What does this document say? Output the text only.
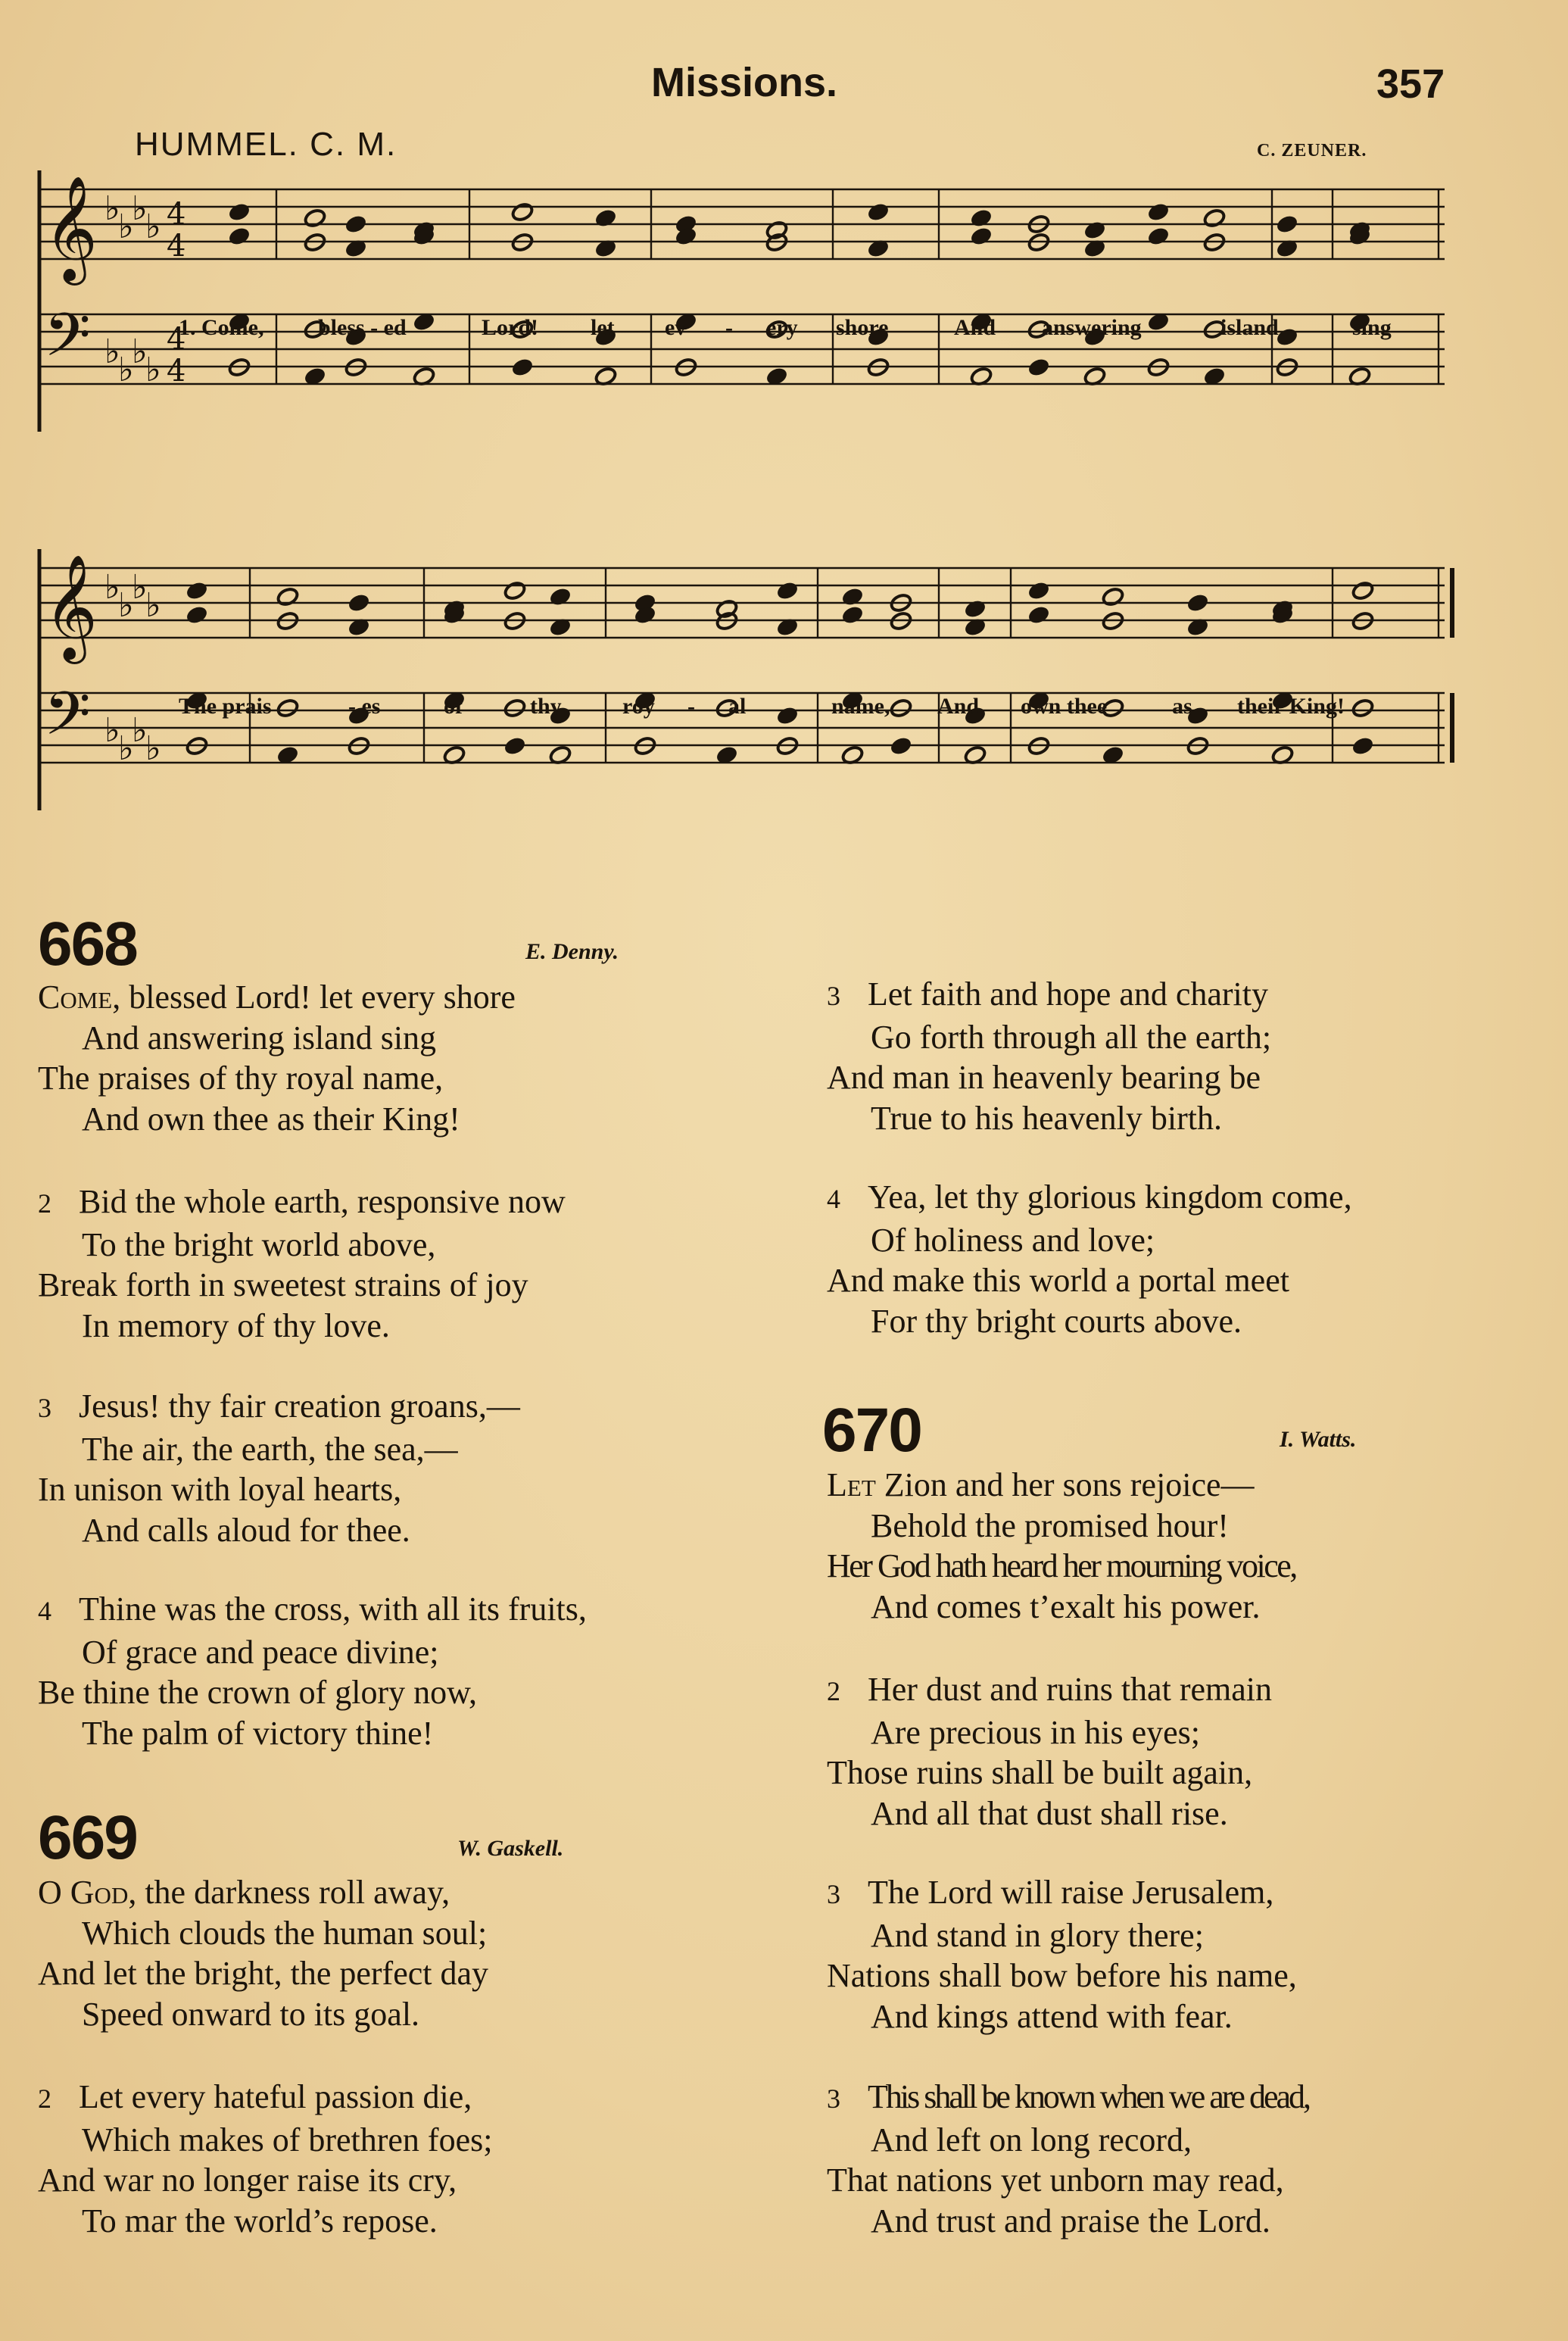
Missions.	357
HUMMEL. C. M.	C. ZEUNER.
𝄞
𝄢
♭
♭
♭
♭
♭
♭
♭
♭
4
4
4
4
𝄞
𝄢
♭
♭
♭
♭
♭
♭
♭
♭
1. Come, bless - ed	Lord! let ev - ery shore	And answering	island	sing
The prais	- es	of	thy	roy - al	name, And own thee	as their King!
668	E. Denny.
Come, blessed Lord! let every shore
And answering island sing
The praises of thy royal name,
And own thee as their King!
2 Bid the whole earth, responsive now
To the bright world above,
Break forth in sweetest strains of joy
In memory of thy love.
3 Jesus! thy fair creation groans,—
The air, the earth, the sea,—
In unison with loyal hearts,
And calls aloud for thee.
4 Thine was the cross, with all its fruits,
Of grace and peace divine;
Be thine the crown of glory now,
The palm of victory thine!
669	W. Gaskell.
O God, the darkness roll away,
Which clouds the human soul;
And let the bright, the perfect day
Speed onward to its goal.
2 Let every hateful passion die,
Which makes of brethren foes;
And war no longer raise its cry,
To mar the world’s repose.
3 Let faith and hope and charity
Go forth through all the earth;
And man in heavenly bearing be
True to his heavenly birth.
4 Yea, let thy glorious kingdom come,
Of holiness and love;
And make this world a portal meet
For thy bright courts above.
670	I. Watts.
Let Zion and her sons rejoice—
Behold the promised hour!
Her God hath heard her mourning voice,
And comes t’exalt his power.
2 Her dust and ruins that remain
Are precious in his eyes;
Those ruins shall be built again,
And all that dust shall rise.
3 The Lord will raise Jerusalem,
And stand in glory there;
Nations shall bow before his name,
And kings attend with fear.
3 This shall be known when we are dead,
And left on long record,
That nations yet unborn may read,
And trust and praise the Lord.
